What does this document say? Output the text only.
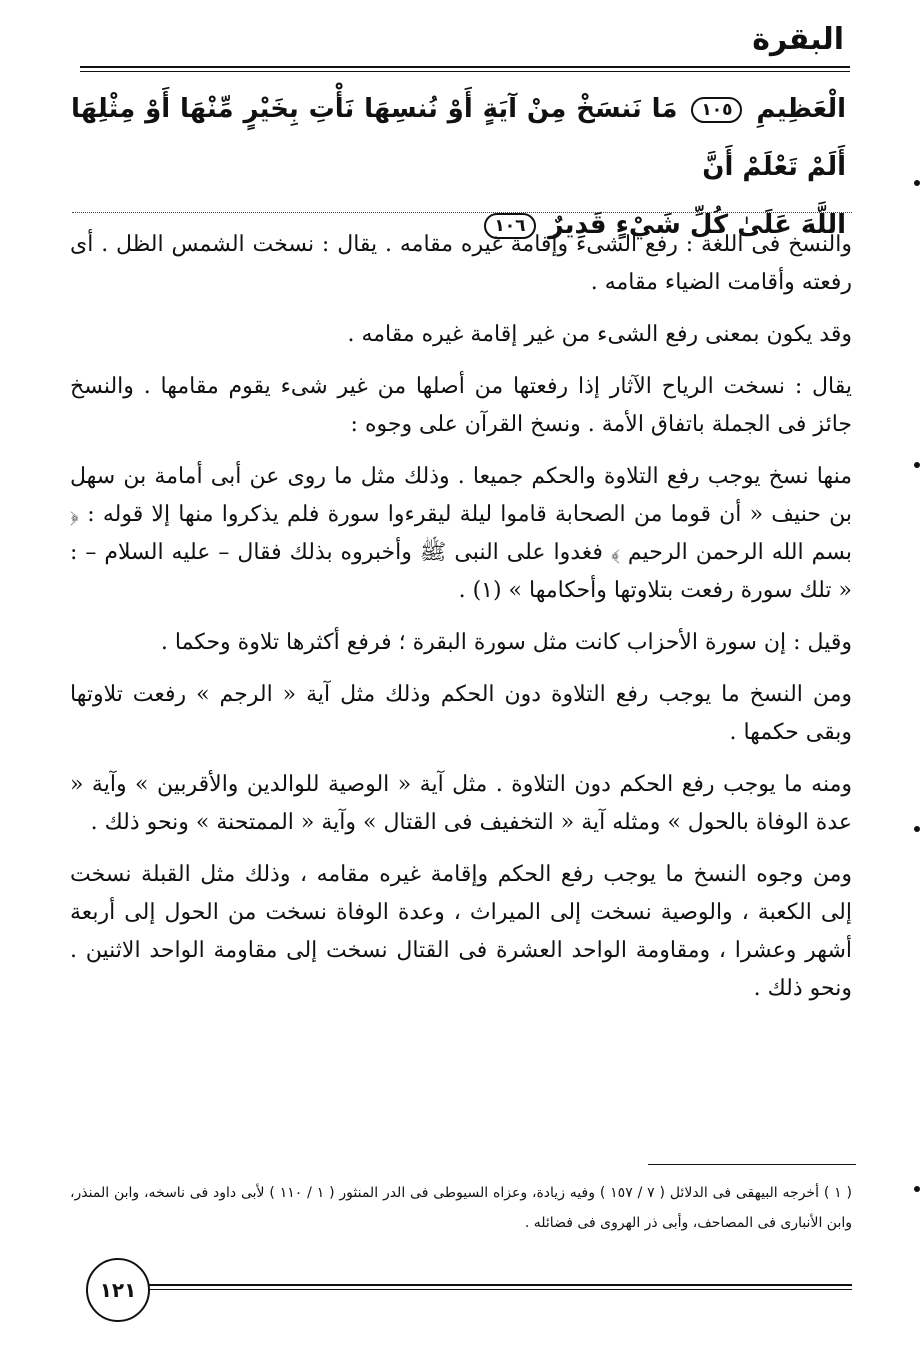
البقرة
الْعَظِيمِ ١٠٥ مَا نَنسَخْ مِنْ آيَةٍ أَوْ نُنسِهَا نَأْتِ بِخَيْرٍ مِّنْهَا أَوْ مِثْلِهَا أَلَمْ تَعْلَمْ أَنَّ
اللَّهَ عَلَىٰ كُلِّ شَيْءٍ قَدِيرٌ ١٠٦

والنسخ فى اللغة : رفع الشىء وإقامة غيره مقامه . يقال : نسخت الشمس الظل . أى رفعته وأقامت الضياء مقامه .

وقد يكون بمعنى رفع الشىء من غير إقامة غيره مقامه .

يقال : نسخت الرياح الآثار إذا رفعتها من أصلها من غير شىء يقوم مقامها . والنسخ جائز فى الجملة باتفاق الأمة . ونسخ القرآن على وجوه :

منها نسخ يوجب رفع التلاوة والحكم جميعا . وذلك مثل ما روى عن أبى أمامة بن سهل بن حنيف « أن قوما من الصحابة قاموا ليلة ليقرءوا سورة فلم يذكروا منها إلا قوله : ﴿ بسم الله الرحمن الرحيم ﴾ فغدوا على النبى ﷺ وأخبروه بذلك فقال – عليه السلام – : « تلك سورة رفعت بتلاوتها وأحكامها » (١) .

وقيل : إن سورة الأحزاب كانت مثل سورة البقرة ؛ فرفع أكثرها تلاوة وحكما .

ومن النسخ ما يوجب رفع التلاوة دون الحكم وذلك مثل آية « الرجم » رفعت تلاوتها وبقى حكمها .

ومنه ما يوجب رفع الحكم دون التلاوة . مثل آية « الوصية للوالدين والأقربين » وآية « عدة الوفاة بالحول » ومثله آية « التخفيف فى القتال » وآية « الممتحنة » ونحو ذلك .

ومن وجوه النسخ ما يوجب رفع الحكم وإقامة غيره مقامه ، وذلك مثل القبلة نسخت إلى الكعبة ، والوصية نسخت إلى الميراث ، وعدة الوفاة نسخت من الحول إلى أربعة أشهر وعشرا ، ومقاومة الواحد العشرة فى القتال نسخت إلى مقاومة الواحد الاثنين . ونحو ذلك .

( ١ ) أخرجه البيهقى فى الدلائل ( ٧ / ١٥٧ ) وفيه زيادة، وعزاه السيوطى فى الدر المنثور ( ١ / ١١٠ ) لأبى داود فى ناسخه، وابن المنذر، وابن الأنبارى فى المصاحف، وأبى ذر الهروى فى فضائله .
١٢١
